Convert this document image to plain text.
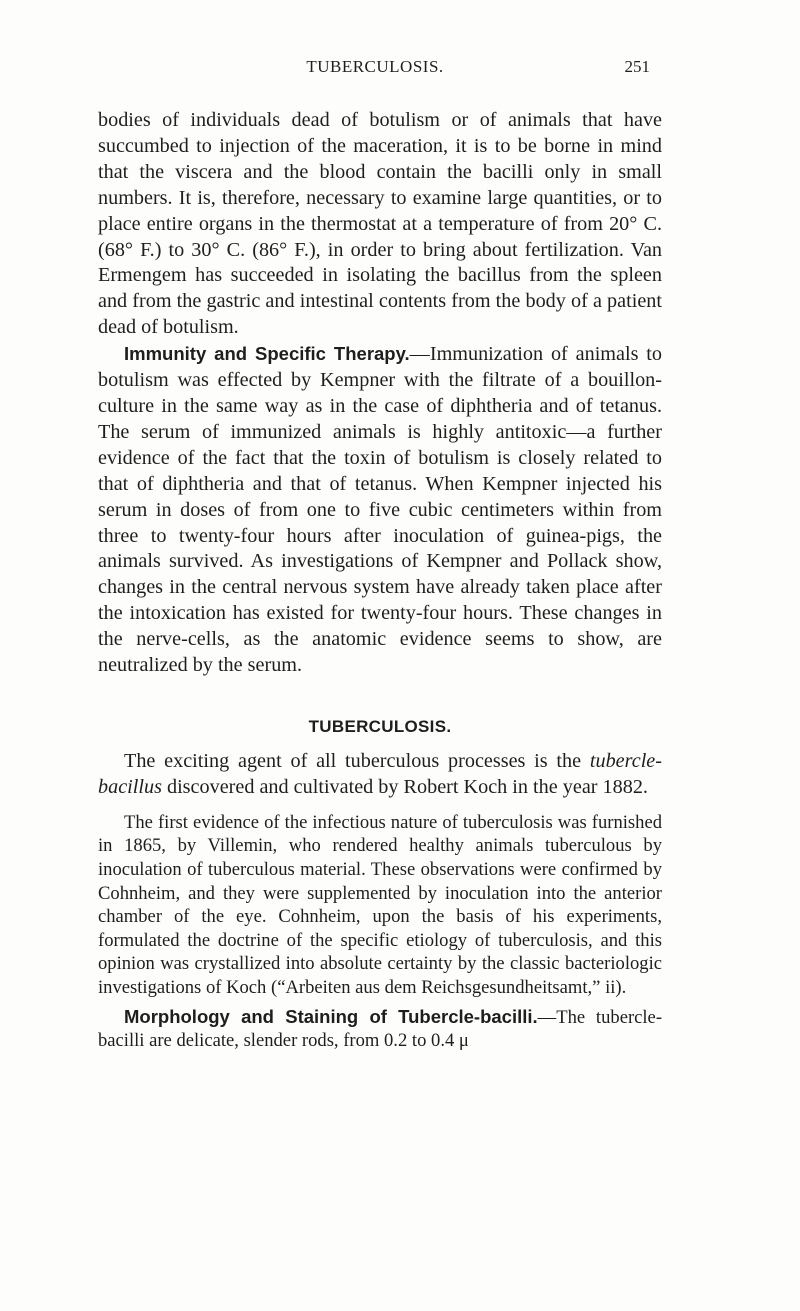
TUBERCULOSIS.	251

bodies of individuals dead of botulism or of animals that have succumbed to injection of the maceration, it is to be borne in mind that the viscera and the blood contain the bacilli only in small numbers. It is, therefore, necessary to examine large quantities, or to place entire organs in the thermostat at a temperature of from 20° C. (68° F.) to 30° C. (86° F.), in order to bring about fertilization. Van Ermengem has succeeded in isolating the bacillus from the spleen and from the gastric and intestinal contents from the body of a patient dead of botulism.

Immunity and Specific Therapy.—Immunization of animals to botulism was effected by Kempner with the filtrate of a bouillon-culture in the same way as in the case of diphtheria and of tetanus. The serum of immunized animals is highly antitoxic—a further evidence of the fact that the toxin of botulism is closely related to that of diphtheria and that of tetanus. When Kempner injected his serum in doses of from one to five cubic centimeters within from three to twenty-four hours after inoculation of guinea-pigs, the animals survived. As investigations of Kempner and Pollack show, changes in the central nervous system have already taken place after the intoxication has existed for twenty-four hours. These changes in the nerve-cells, as the anatomic evidence seems to show, are neutralized by the serum.

TUBERCULOSIS.

The exciting agent of all tuberculous processes is the tubercle-bacillus discovered and cultivated by Robert Koch in the year 1882.

The first evidence of the infectious nature of tuberculosis was furnished in 1865, by Villemin, who rendered healthy animals tuberculous by inoculation of tuberculous material. These observations were confirmed by Cohnheim, and they were supplemented by inoculation into the anterior chamber of the eye. Cohnheim, upon the basis of his experiments, formulated the doctrine of the specific etiology of tuberculosis, and this opinion was crystallized into absolute certainty by the classic bacteriologic investigations of Koch (“Arbeiten aus dem Reichsgesundheitsamt,” ii).

Morphology and Staining of Tubercle-bacilli.—The tubercle-bacilli are delicate, slender rods, from 0.2 to 0.4 μ
